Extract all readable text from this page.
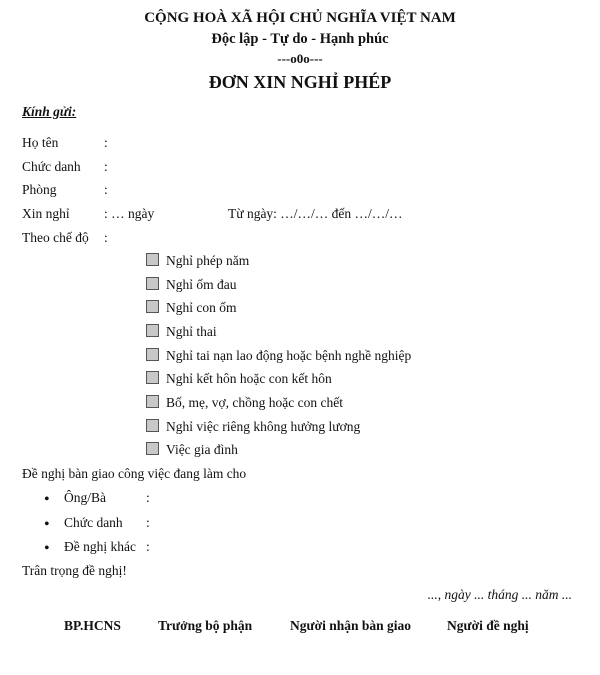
CỘNG HOÀ XÃ HỘI CHỦ NGHĨA VIỆT NAM
Độc lập - Tự do - Hạnh phúc
---o0o---
ĐƠN XIN NGHỈ PHÉP
Kính gửi:
Họ tên	:
Chức danh :
Phòng	:
Xin nghỉ	: … ngày	Từ ngày: …/…/… đến …/…/…
Theo chế độ :
Nghỉ phép năm
Nghỉ ốm đau
Nghỉ con ốm
Nghỉ thai
Nghỉ tai nạn lao động hoặc bệnh nghề nghiệp
Nghỉ kết hôn hoặc con kết hôn
Bố, mẹ, vợ, chồng hoặc con chết
Nghỉ việc riêng không hưởng lương
Việc gia đình
Đề nghị bàn giao công việc đang làm cho
• Ông/Bà	:
• Chức danh :
• Đề nghị khác :
Trân trọng đề nghị!
..., ngày ... tháng ... năm ...
BP.HCNS	Trưởng bộ phận	Người nhận bàn giao	Người đề nghị
